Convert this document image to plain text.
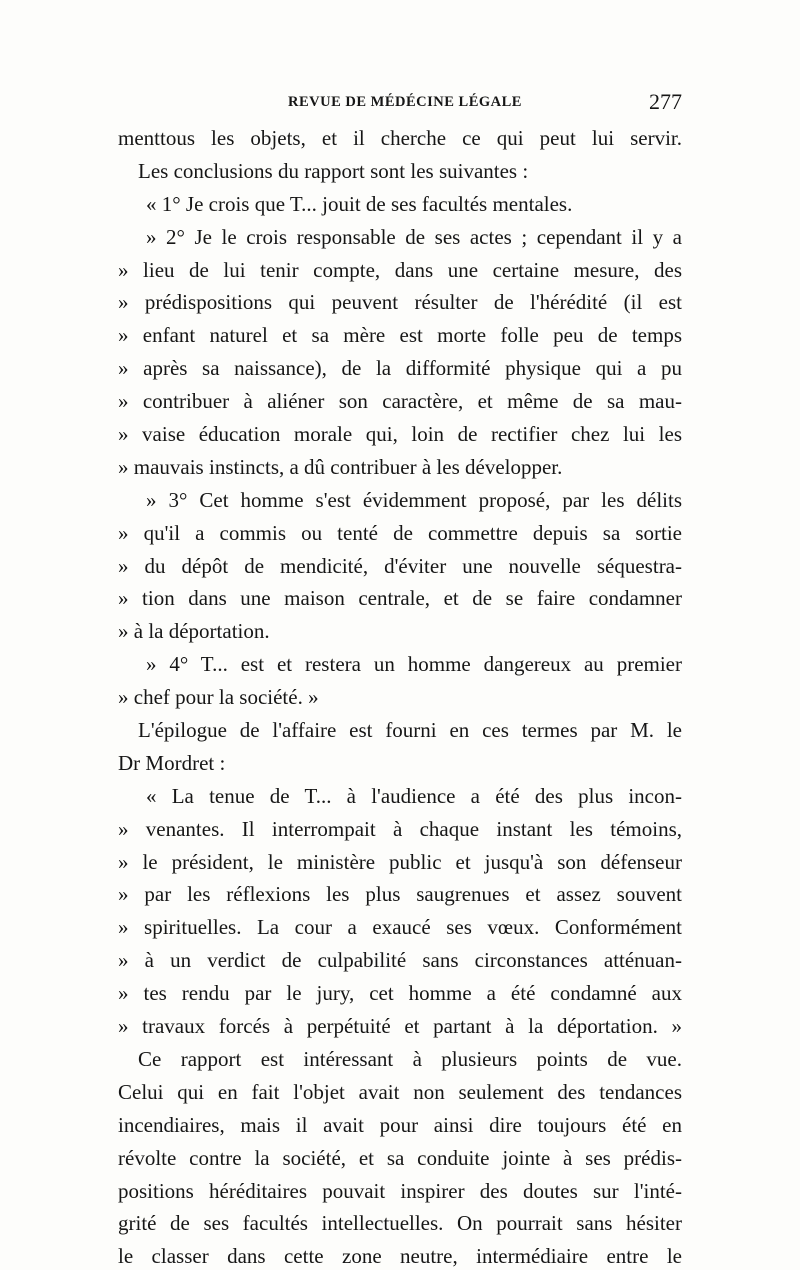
REVUE DE MÉDÉCINE LÉGALE	277
menttous les objets, et il cherche ce qui peut lui servir.
Les conclusions du rapport sont les suivantes :
« 1° Je crois que T... jouit de ses facultés mentales.
» 2° Je le crois responsable de ses actes ; cependant il y a
» lieu de lui tenir compte, dans une certaine mesure, des
» prédispositions qui peuvent résulter de l'hérédité (il est
» enfant naturel et sa mère est morte folle peu de temps
» après sa naissance), de la difformité physique qui a pu
» contribuer à aliéner son caractère, et même de sa mau-
» vaise éducation morale qui, loin de rectifier chez lui les
» mauvais instincts, a dû contribuer à les développer.
» 3° Cet homme s'est évidemment proposé, par les délits
» qu'il a commis ou tenté de commettre depuis sa sortie
» du dépôt de mendicité, d'éviter une nouvelle séquestra-
» tion dans une maison centrale, et de se faire condamner
» à la déportation.
» 4° T... est et restera un homme dangereux au premier
» chef pour la société. »
L'épilogue de l'affaire est fourni en ces termes par M. le
Dr Mordret :
« La tenue de T... à l'audience a été des plus incon-
» venantes. Il interrompait à chaque instant les témoins,
» le président, le ministère public et jusqu'à son défenseur
» par les réflexions les plus saugrenues et assez souvent
» spirituelles. La cour a exaucé ses vœux. Conformément
» à un verdict de culpabilité sans circonstances atténuan-
» tes rendu par le jury, cet homme a été condamné aux
» travaux forcés à perpétuité et partant à la déportation. »
Ce rapport est intéressant à plusieurs points de vue.
Celui qui en fait l'objet avait non seulement des tendances
incendiaires, mais il avait pour ainsi dire toujours été en
révolte contre la société, et sa conduite jointe à ses prédis-
positions héréditaires pouvait inspirer des doutes sur l'inté-
grité de ses facultés intellectuelles. On pourrait sans hésiter
le classer dans cette zone neutre, intermédiaire entre le
